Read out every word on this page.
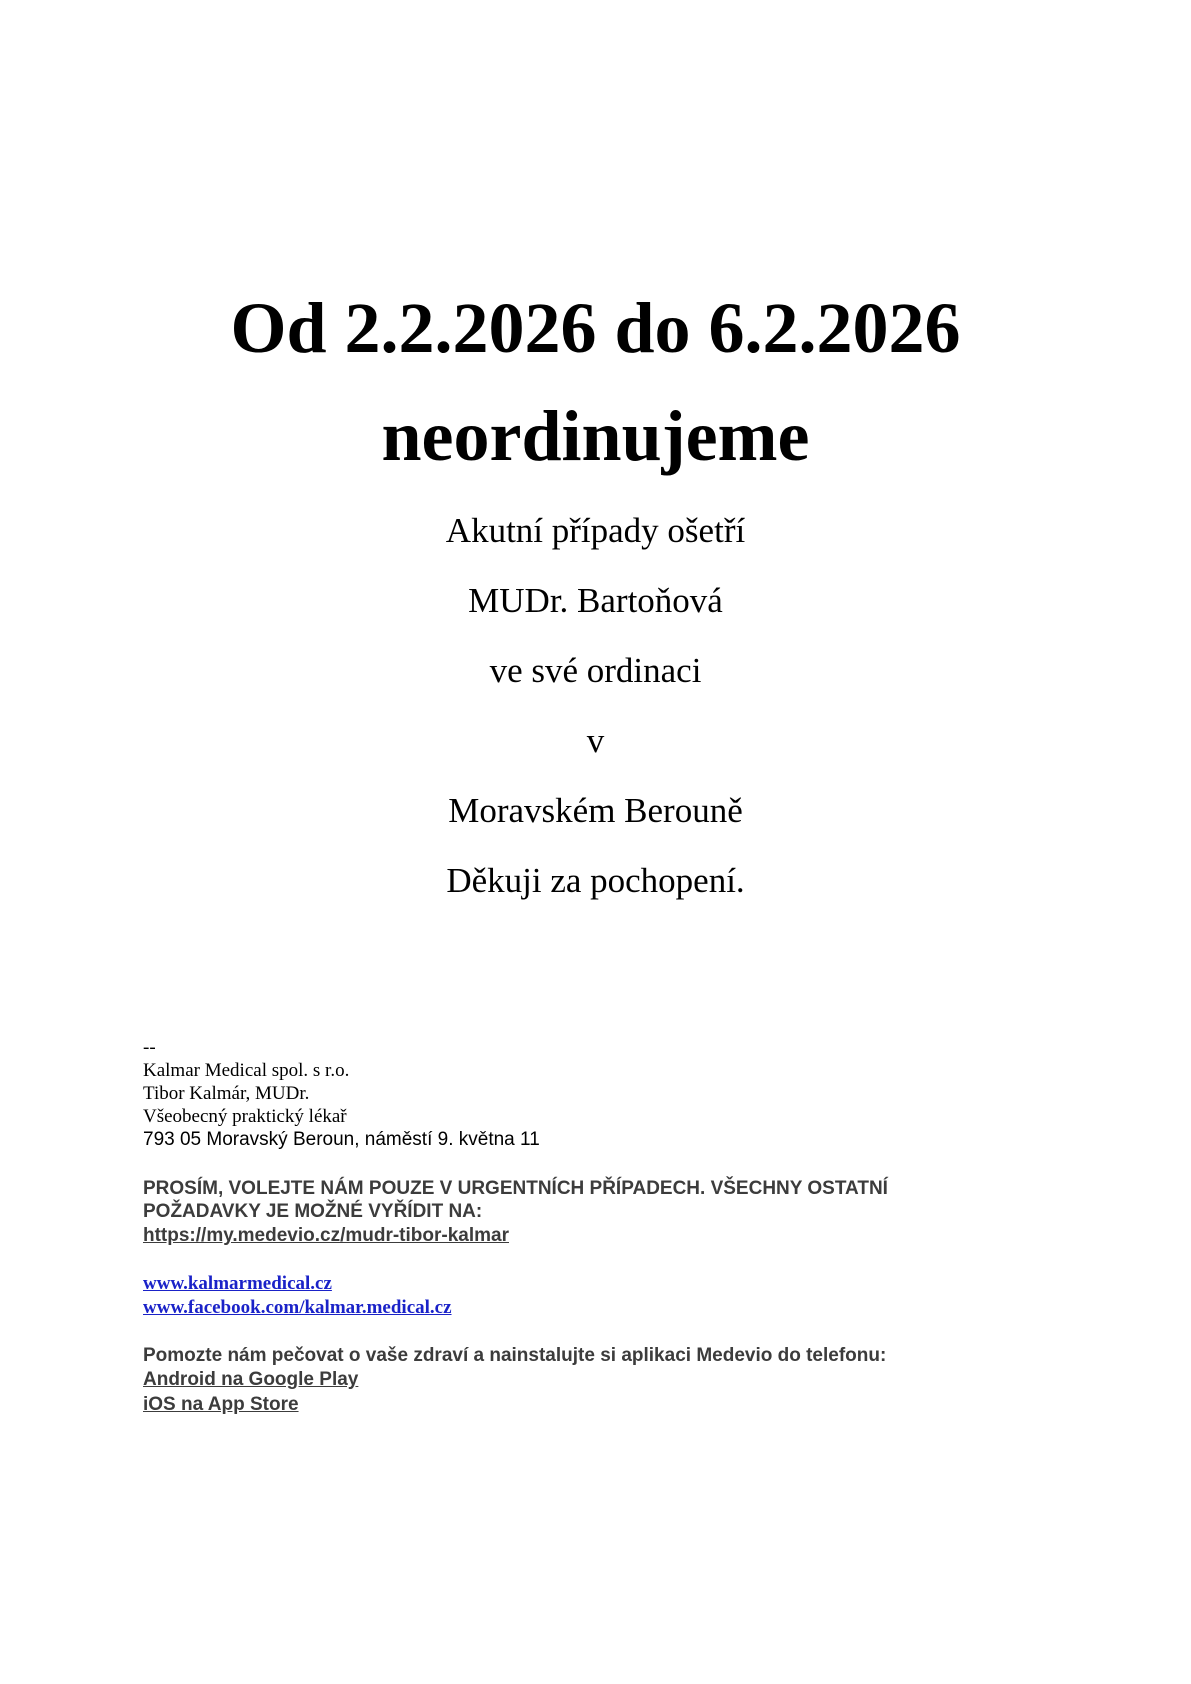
Od 2.2.2026 do 6.2.2026

neordinujeme

Akutní případy ošetří

MUDr. Bartoňová

ve své ordinaci

v

Moravském Berouně

Děkuji za pochopení.

--

Kalmar Medical spol. s r.o.

Tibor Kalmár, MUDr.

Všeobecný praktický lékař

793 05 Moravský Beroun, náměstí 9. května 11

PROSÍM, VOLEJTE NÁM POUZE V URGENTNÍCH PŘÍPADECH. VŠECHNY OSTATNÍ

POŽADAVKY JE MOŽNÉ VYŘÍDIT NA:

https://my.medevio.cz/mudr-tibor-kalmar
www.kalmarmedical.cz
www.facebook.com/kalmar.medical.cz

Pomozte nám pečovat o vaše zdraví a nainstalujte si aplikaci Medevio do telefonu:

Android na Google Play
iOS na App Store
